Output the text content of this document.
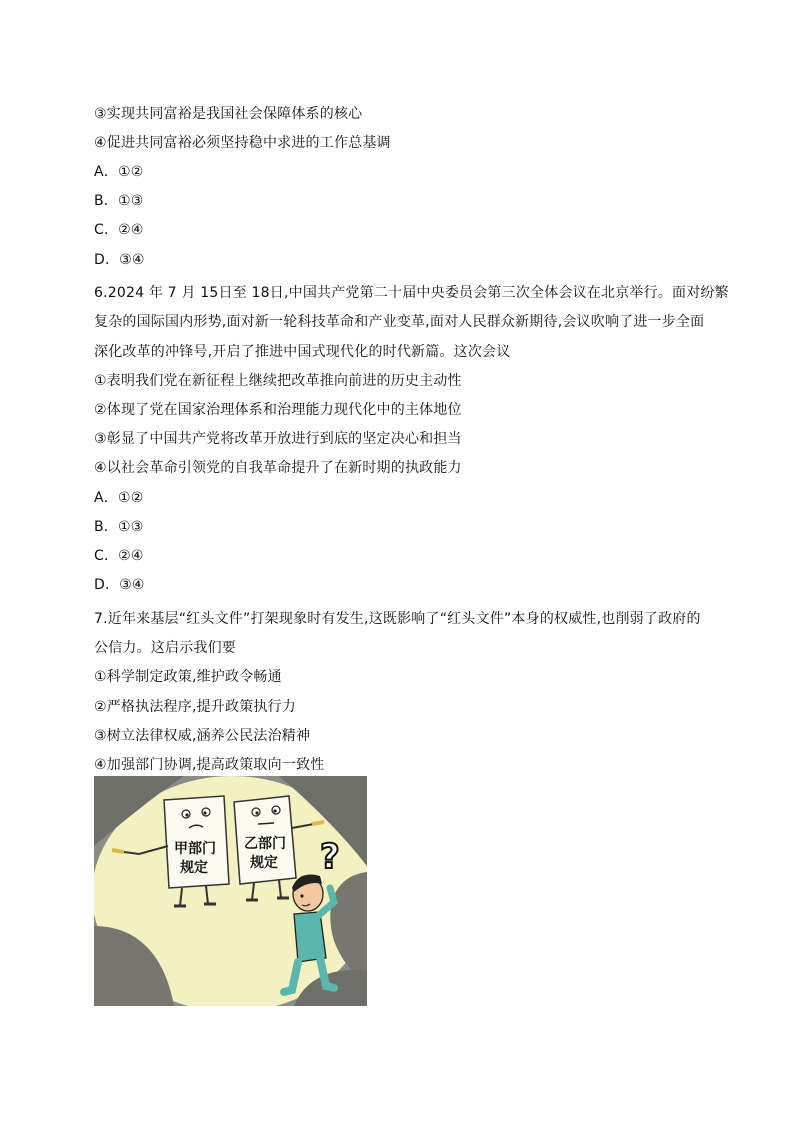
③实现共同富裕是我国社会保障体系的核心
④促进共同富裕必须坚持稳中求进的工作总基调
A．①②
B．①③
C．②④
D．③④
6.2024 年 7 月 15日至 18日,中国共产党第二十届中央委员会第三次全体会议在北京举行。面对纷繁
复杂的国际国内形势,面对新一轮科技革命和产业变革,面对人民群众新期待,会议吹响了进一步全面
深化改革的冲锋号,开启了推进中国式现代化的时代新篇。这次会议
①表明我们党在新征程上继续把改革推向前进的历史主动性
②体现了党在国家治理体系和治理能力现代化中的主体地位
③彰显了中国共产党将改革开放进行到底的坚定决心和担当
④以社会革命引领党的自我革命提升了在新时期的执政能力
A．①②
B．①③
C．②④
D．③④
7.近年来基层“红头文件”打架现象时有发生,这既影响了“红头文件”本身的权威性,也削弱了政府的
公信力。这启示我们要
①科学制定政策,维护政令畅通
②严格执法程序,提升政策执行力
③树立法律权威,涵养公民法治精神
④加强部门协调,提高政策取向一致性
甲部门
规定
乙部门
规定 ?
